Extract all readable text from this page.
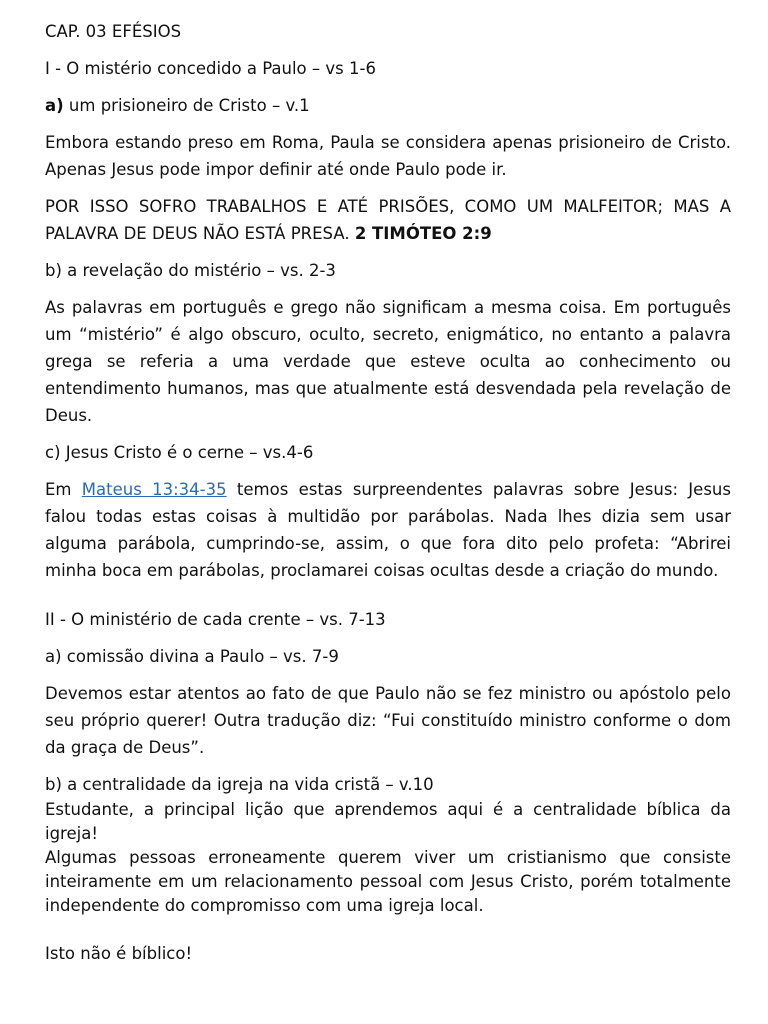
CAP. 03 EFÉSIOS

I - O mistério concedido a Paulo – vs 1-6

a) um prisioneiro de Cristo – v.1

Embora estando preso em Roma, Paula se considera apenas prisioneiro de Cristo. Apenas Jesus pode impor definir até onde Paulo pode ir.

POR ISSO SOFRO TRABALHOS E ATÉ PRISÕES, COMO UM MALFEITOR; MAS A PALAVRA DE DEUS NÃO ESTÁ PRESA. 2 TIMÓTEO 2:9

b) a revelação do mistério – vs. 2-3

As palavras em português e grego não significam a mesma coisa. Em português um “mistério” é algo obscuro, oculto, secreto, enigmático, no entanto a palavra grega se referia a uma verdade que esteve oculta ao conhecimento ou entendimento humanos, mas que atualmente está desvendada pela revelação de Deus.

c) Jesus Cristo é o cerne – vs.4-6

Em Mateus 13:34-35 temos estas surpreendentes palavras sobre Jesus: Jesus falou todas estas coisas à multidão por parábolas. Nada lhes dizia sem usar alguma parábola, cumprindo-se, assim, o que fora dito pelo profeta: “Abrirei minha boca em parábolas, proclamarei coisas ocultas desde a criação do mundo.

II - O ministério de cada crente – vs. 7-13

a) comissão divina a Paulo – vs. 7-9

Devemos estar atentos ao fato de que Paulo não se fez ministro ou apóstolo pelo seu próprio querer! Outra tradução diz: “Fui constituído ministro conforme o dom da graça de Deus”.

b) a centralidade da igreja na vida cristã – v.10

Estudante, a principal lição que aprendemos aqui é a centralidade bíblica da igreja!

Algumas pessoas erroneamente querem viver um cristianismo que consiste inteiramente em um relacionamento pessoal com Jesus Cristo, porém totalmente independente do compromisso com uma igreja local.

Isto não é bíblico!
